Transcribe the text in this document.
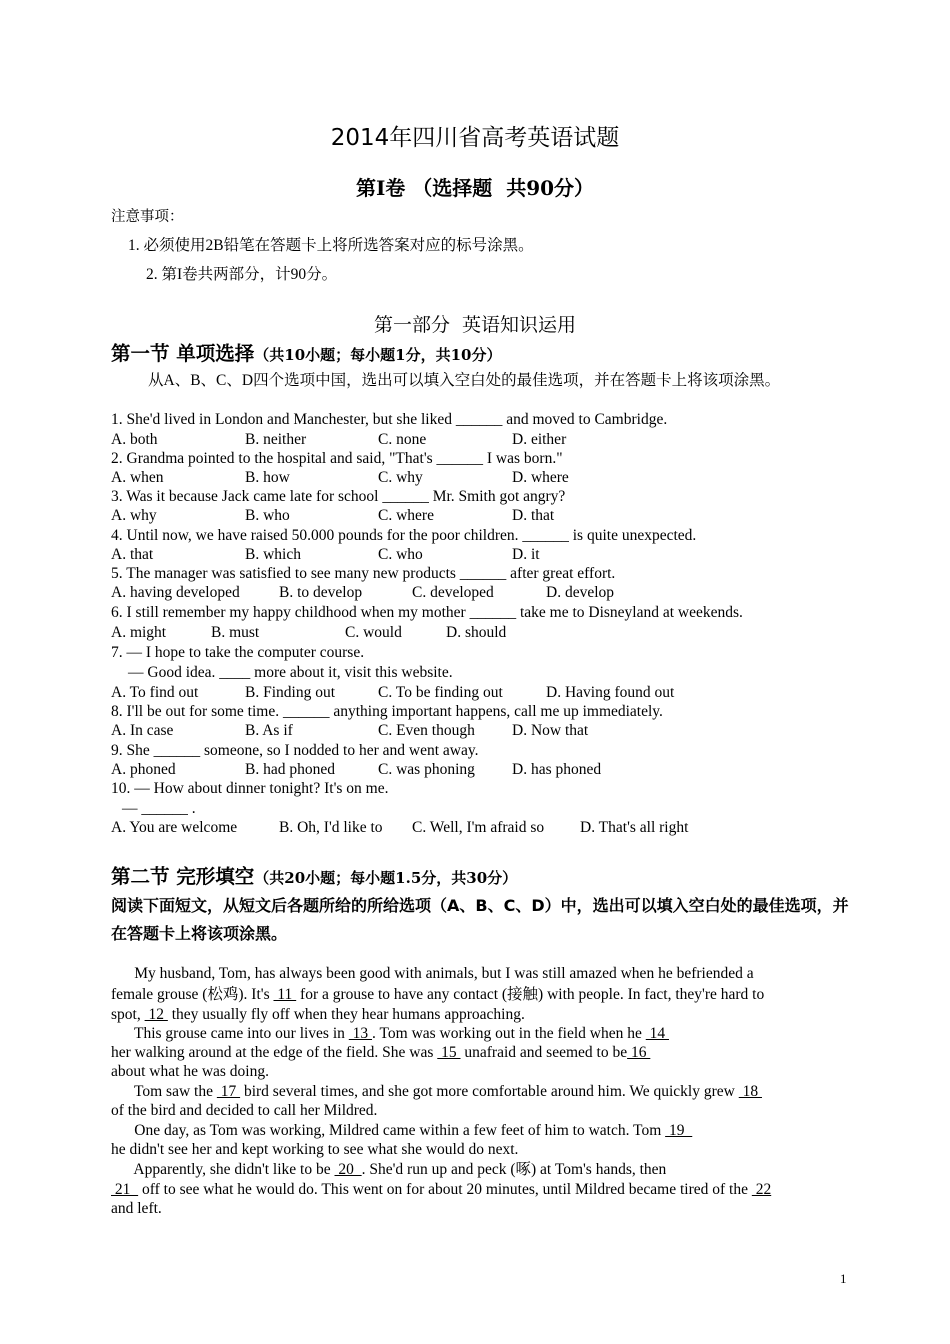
2014年四川省高考英语试题
第Ⅰ卷 （选择题  共90分）
注意事项：
1. 必须使用2B铅笔在答题卡上将所选答案对应的标号涂黑。
2. 第I卷共两部分，计90分。
第一部分  英语知识运用
第一节 单项选择（共10小题；每小题1分，共10分）
从A、B、C、D四个选项中国，选出可以填入空白处的最佳选项，并在答题卡上将该项涂黑。
1. She'd lived in London and Manchester, but she liked ______ and moved to Cambridge.
A. both	B. neither	C. none	D. either
2. Grandma pointed to the hospital and said, "That's ______ I was born."
A. when	B. how	C. why	D. where
3. Was it because Jack came late for school ______ Mr. Smith got angry?
A. why	B. who	C. where	D. that
4. Until now, we have raised 50.000 pounds for the poor children. ______ is quite unexpected.
A. that	B. which	C. who	D. it
5. The manager was satisfied to see many new products ______ after great effort.
A. having developed	B. to develop	C. developed	D. develop
6. I still remember my happy childhood when my mother ______ take me to Disneyland at weekends.
A. might	B. must	C. would	D. should
7. — I hope to take the computer course.
— Good idea. ____ more about it, visit this website.
A. To find out	B. Finding out	C. To be finding out	D. Having found out
8. I'll be out for some time. ______ anything important happens, call me up immediately.
A. In case	B. As if	C. Even though D. Now that
9. She ______ someone, so I nodded to her and went away.
A. phoned	B. had phoned	C. was phoning D. has phoned
10. — How about dinner tonight? It's on me.
— ______ .
A. You are welcome	B. Oh, I'd like to C. Well, I'm afraid so D. That's all right
第二节 完形填空（共20小题；每小题1.5分，共30分）
阅读下面短文，从短文后各题所给的所给选项（A、B、C、D）中，选出可以填入空白处的最佳选项，并在答题卡上将该项涂黑。
My husband, Tom, has always been good with animals, but I was still amazed when he befriended a
female grouse (松鸡). It's  11  for a grouse to have any contact (接触) with people. In fact, they're hard to
spot,  12  they usually fly off when they hear humans approaching.
This grouse came into our lives in  13 . Tom was working out in the field when he  14
her walking around at the edge of the field. She was  15  unafraid and seemed to be 16
about what he was doing.
Tom saw the  17  bird several times, and she got more comfortable around him. We quickly grew  18
of the bird and decided to call her Mildred.
One day, as Tom was working, Mildred came within a few feet of him to watch. Tom  19
he didn't see her and kept working to see what she would do next.
Apparently, she didn't like to be  20  . She'd run up and peck (啄) at Tom's hands, then
21   off to see what he would do. This went on for about 20 minutes, until Mildred became tired of the  22
and left.
1
